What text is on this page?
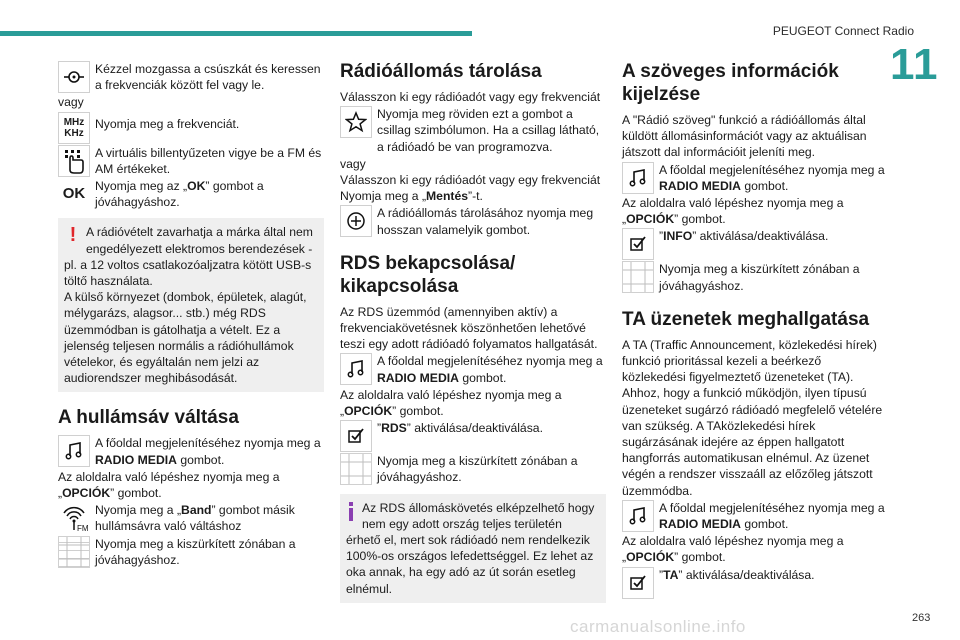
PEUGEOT Connect Radio
11
Kézzel mozgassa a csúszkát és keressen a frekvenciák között fel vagy le.

vagy

MHz
KHz
Nyomja meg a frekvenciát.
A virtuális billentyűzeten vigye be a FM és AM értékeket.
OK Nyomja meg az „OK” gombot a jóváhagyáshoz.
! A rádióvételt zavarhatja a márka által nem engedélyezett elektromos berendezések - pl. a 12 voltos csatlakozóaljzatra kötött USB-s töltő használata.
A külső környezet (dombok, épületek, alagút, mélygarázs, alagsor... stb.) még RDS üzemmódban is gátolhatja a vételt. Ez a jelenség teljesen normális a rádióhullámok vételekor, és egyáltalán nem jelzi az audiorendszer meghibásodását.
A hullámsáv váltása
A főoldal megjelenítéséhez nyomja meg a RADIO MEDIA gombot.

Az aloldalra való lépéshez nyomja meg a „OPCIÓK” gombot.

FM
Nyomja meg a „Band” gombot másik hullámsávra való váltáshoz
Nyomja meg a kiszürkített zónában a jóváhagyáshoz.
Rádióállomás tárolása

Válasszon ki egy rádióadót vagy egy frekvenciát

Nyomja meg röviden ezt a gombot a csillag szimbólumon. Ha a csillag látható, a rádióadó be van programozva.

vagy

Válasszon ki egy rádióadót vagy egy frekvenciát

Nyomja meg a „Mentés”-t.

A rádióállomás tárolásához nyomja meg hosszan valamelyik gombot.
RDS bekapcsolása/ kikapcsolása

Az RDS üzemmód (amennyiben aktív) a frekvenciakövetésnek köszönhetően lehetővé teszi egy adott rádióadó folyamatos hallgatását.

A főoldal megjelenítéséhez nyomja meg a RADIO MEDIA gombot.

Az aloldalra való lépéshez nyomja meg a „OPCIÓK” gombot.

”RDS” aktiválása/deaktiválása.
Nyomja meg a kiszürkített zónában a jóváhagyáshoz.
Az RDS állomáskövetés elképzelhető hogy nem egy adott ország teljes területén érhető el, mert sok rádióadó nem rendelkezik 100%-os országos lefedettséggel. Ez lehet az oka annak, ha egy adó az út során esetleg elnémul.
A szöveges információk kijelzése

A "Rádió szöveg" funkció a rádióállomás által küldött állomásinformációt vagy az aktuálisan játszott dal információit jeleníti meg.

A főoldal megjelenítéséhez nyomja meg a RADIO MEDIA gombot.

Az aloldalra való lépéshez nyomja meg a „OPCIÓK” gombot.

”INFO” aktiválása/deaktiválása.
Nyomja meg a kiszürkített zónában a jóváhagyáshoz.
TA üzenetek meghallgatása

A TA (Traffic Announcement, közlekedési hírek) funkció prioritással kezeli a beérkező közlekedési figyelmeztető üzeneteket (TA). Ahhoz, hogy a funkció működjön, ilyen típusú üzeneteket sugárzó rádióadó megfelelő vételére van szükség. A TAközlekedési hírek sugárzásának idejére az éppen hallgatott hangforrás automatikusan elnémul. Az üzenet végén a rendszer visszaáll az előzőleg játszott üzemmódba.

A főoldal megjelenítéséhez nyomja meg a RADIO MEDIA gombot.

Az aloldalra való lépéshez nyomja meg a „OPCIÓK” gombot.

”TA” aktiválása/deaktiválása.
carmanualsonline.info	263
